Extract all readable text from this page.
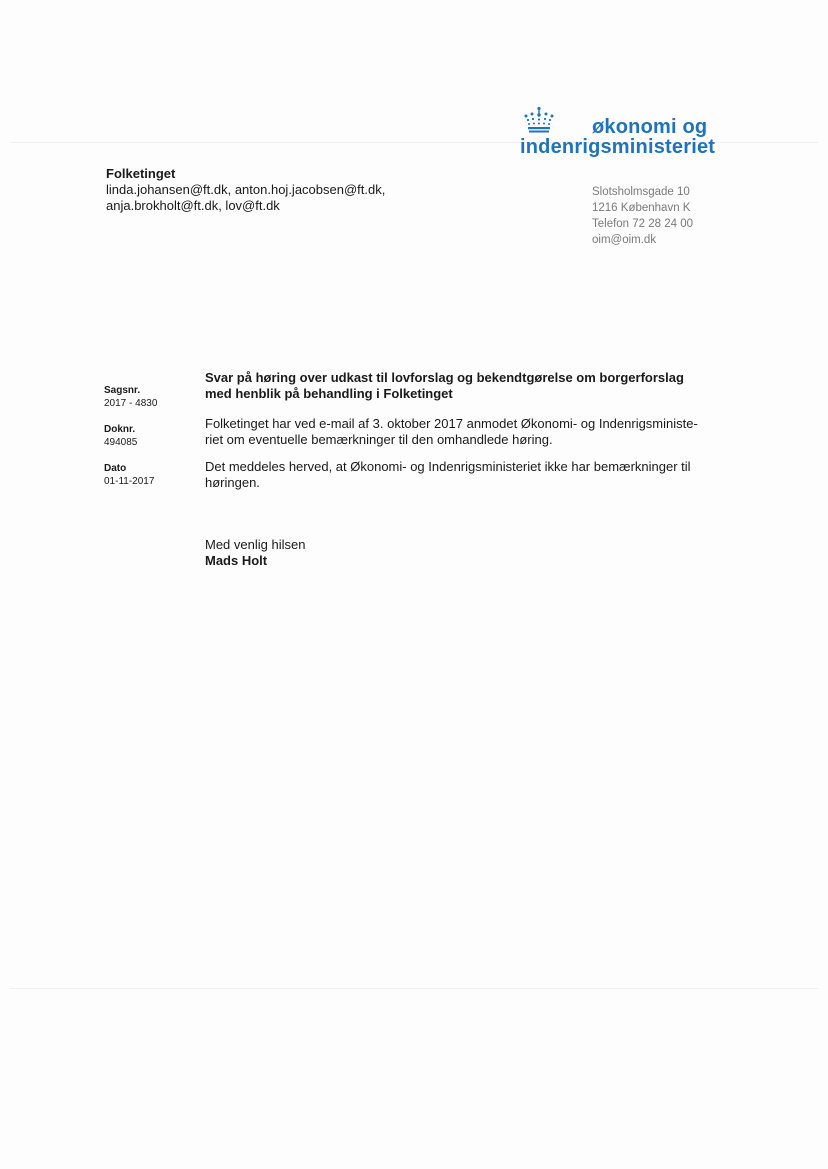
økonomi og
indenrigsministeriet
Folketinget
linda.johansen@ft.dk, anton.hoj.jacobsen@ft.dk,
anja.brokholt@ft.dk, lov@ft.dk
Slotsholmsgade 10
1216 København K
Telefon 72 28 24 00
oim@oim.dk
Sagsnr.
2017 - 4830
Doknr.
494085
Dato
01-11-2017
Svar på høring over udkast til lovforslag og bekendtgørelse om borgerforslag
med henblik på behandling i Folketinget
Folketinget har ved e-mail af 3. oktober 2017 anmodet Økonomi- og Indenrigsministe-
riet om eventuelle bemærkninger til den omhandlede høring.
Det meddeles herved, at Økonomi- og Indenrigsministeriet ikke har bemærkninger til
høringen.
Med venlig hilsen
Mads Holt
